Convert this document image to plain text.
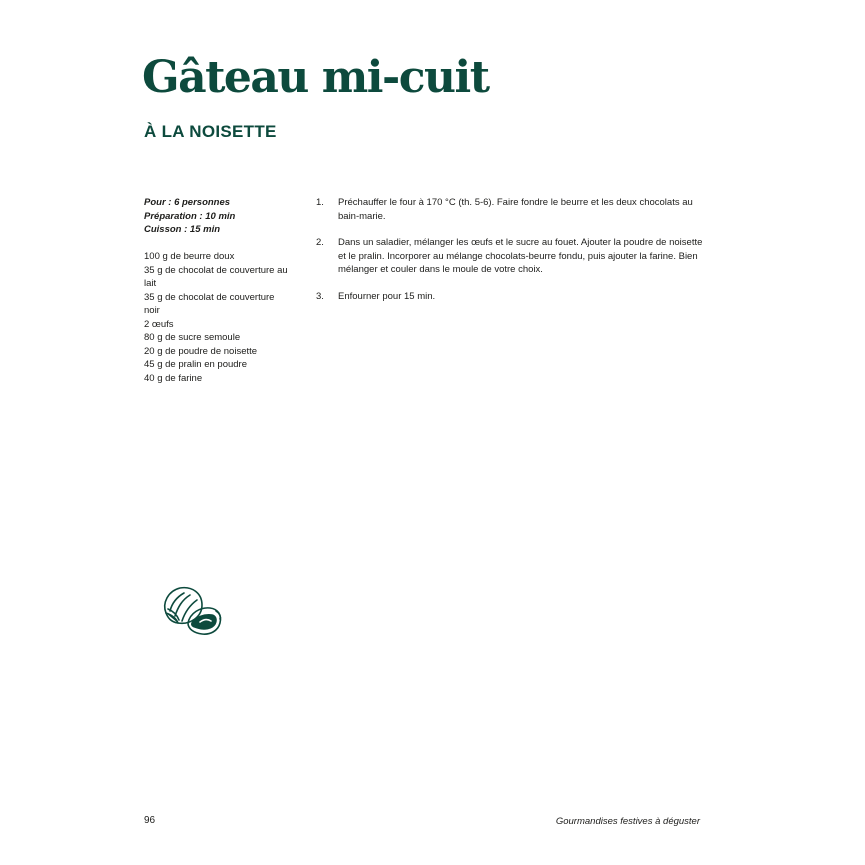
Gâteau mi-cuit
À LA NOISETTE
Pour : 6 personnes
Préparation : 10 min
Cuisson : 15 min
100 g de beurre doux
35 g de chocolat de couverture au lait
35 g de chocolat de couverture noir
2 œufs
80 g de sucre semoule
20 g de poudre de noisette
45 g de pralin en poudre
40 g de farine
1. Préchauffer le four à 170 °C (th. 5-6). Faire fondre le beurre et les deux chocolats au bain-marie.
2. Dans un saladier, mélanger les œufs et le sucre au fouet. Ajouter la poudre de noisette et le pralin. Incorporer au mélange chocolats-beurre fondu, puis ajouter la farine. Bien mélanger et couler dans le moule de votre choix.
3. Enfourner pour 15 min.
96	Gourmandises festives à déguster
